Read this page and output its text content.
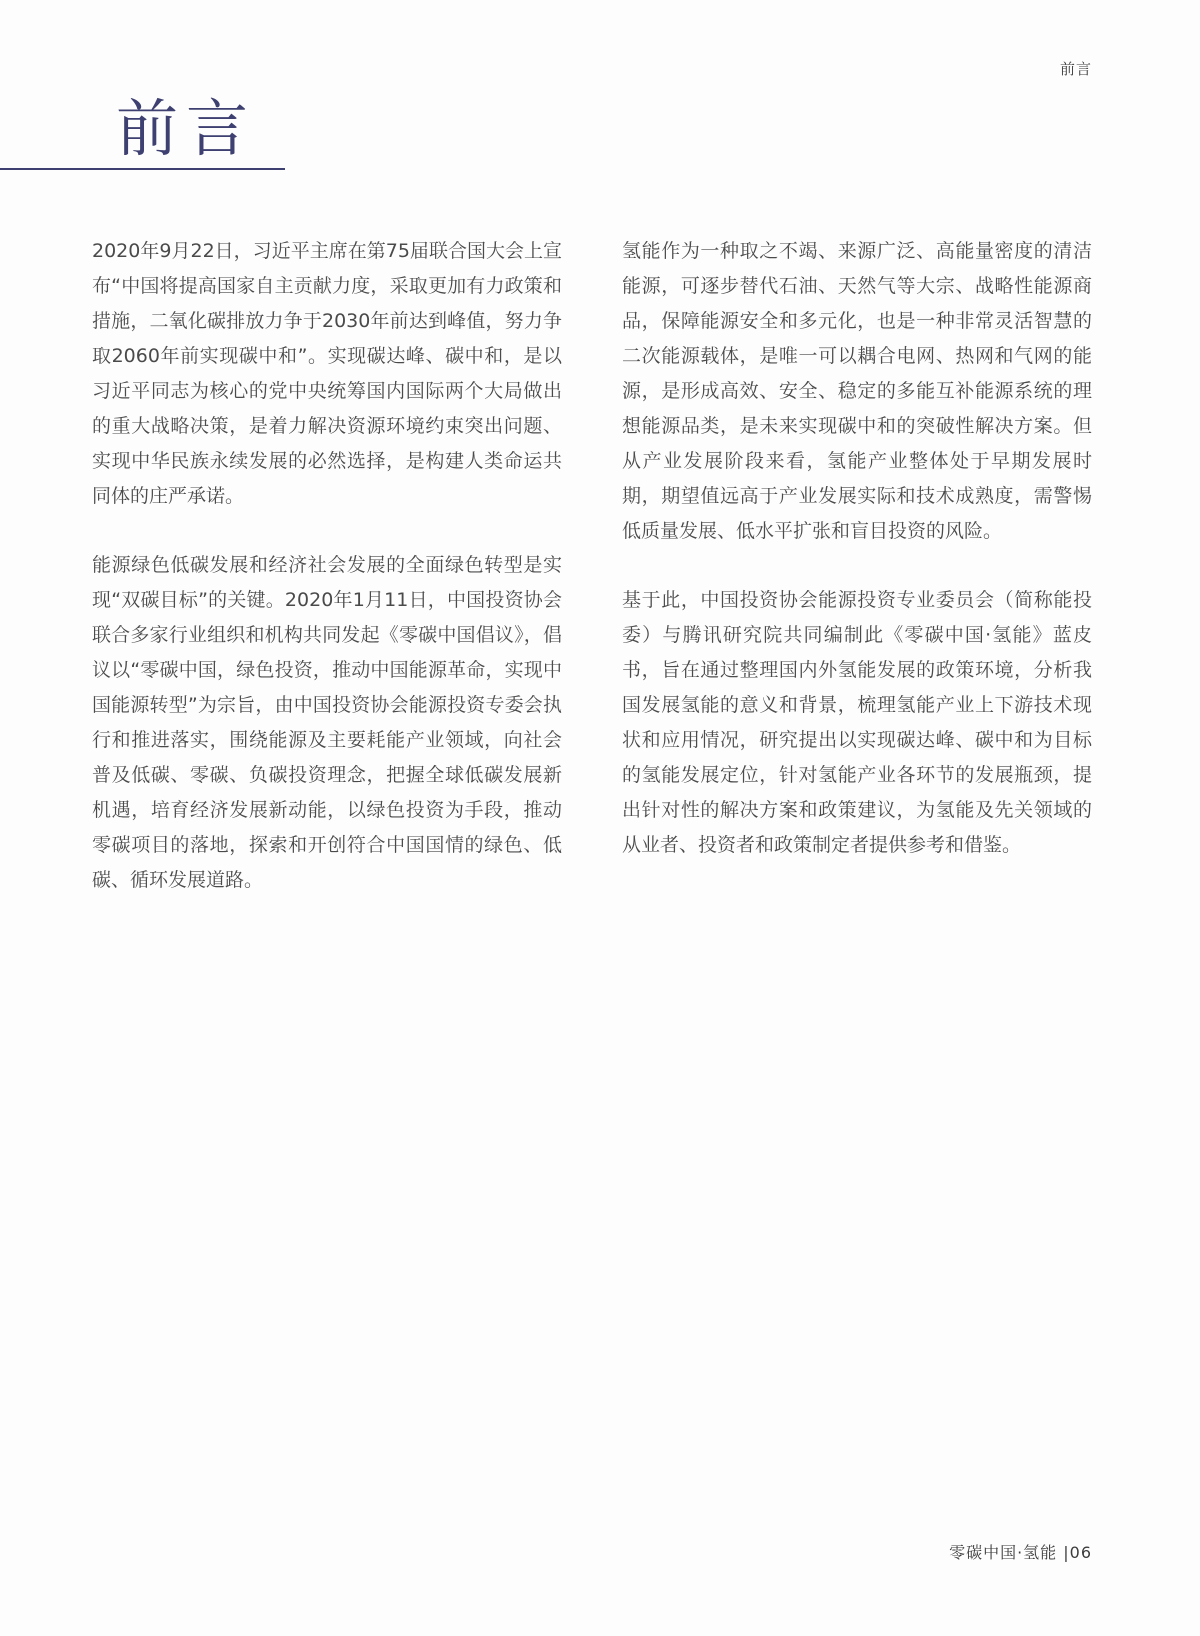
前言
前言

2020年9月22日，习近平主席在第75届联合国大会上宣布“中国将提高国家自主贡献力度，采取更加有力政策和措施，二氧化碳排放力争于2030年前达到峰值，努力争取2060年前实现碳中和”。实现碳达峰、碳中和，是以习近平同志为核心的党中央统筹国内国际两个大局做出的重大战略决策，是着力解决资源环境约束突出问题、实现中华民族永续发展的必然选择，是构建人类命运共同体的庄严承诺。

能源绿色低碳发展和经济社会发展的全面绿色转型是实现“双碳目标”的关键。2020年1月11日，中国投资协会联合多家行业组织和机构共同发起《零碳中国倡议》，倡议以“零碳中国，绿色投资，推动中国能源革命，实现中国能源转型”为宗旨，由中国投资协会能源投资专委会执行和推进落实，围绕能源及主要耗能产业领域，向社会普及低碳、零碳、负碳投资理念，把握全球低碳发展新机遇，培育经济发展新动能，以绿色投资为手段，推动零碳项目的落地，探索和开创符合中国国情的绿色、低碳、循环发展道路。

氢能作为一种取之不竭、来源广泛、高能量密度的清洁能源，可逐步替代石油、天然气等大宗、战略性能源商品，保障能源安全和多元化，也是一种非常灵活智慧的二次能源载体，是唯一可以耦合电网、热网和气网的能源，是形成高效、安全、稳定的多能互补能源系统的理想能源品类，是未来实现碳中和的突破性解决方案。但从产业发展阶段来看，氢能产业整体处于早期发展时期，期望值远高于产业发展实际和技术成熟度，需警惕低质量发展、低水平扩张和盲目投资的风险。

基于此，中国投资协会能源投资专业委员会（简称能投委）与腾讯研究院共同编制此《零碳中国·氢能》蓝皮书，旨在通过整理国内外氢能发展的政策环境，分析我国发展氢能的意义和背景，梳理氢能产业上下游技术现状和应用情况，研究提出以实现碳达峰、碳中和为目标的氢能发展定位，针对氢能产业各环节的发展瓶颈，提出针对性的解决方案和政策建议，为氢能及先关领域的从业者、投资者和政策制定者提供参考和借鉴。

零碳中国·氢能 |06
